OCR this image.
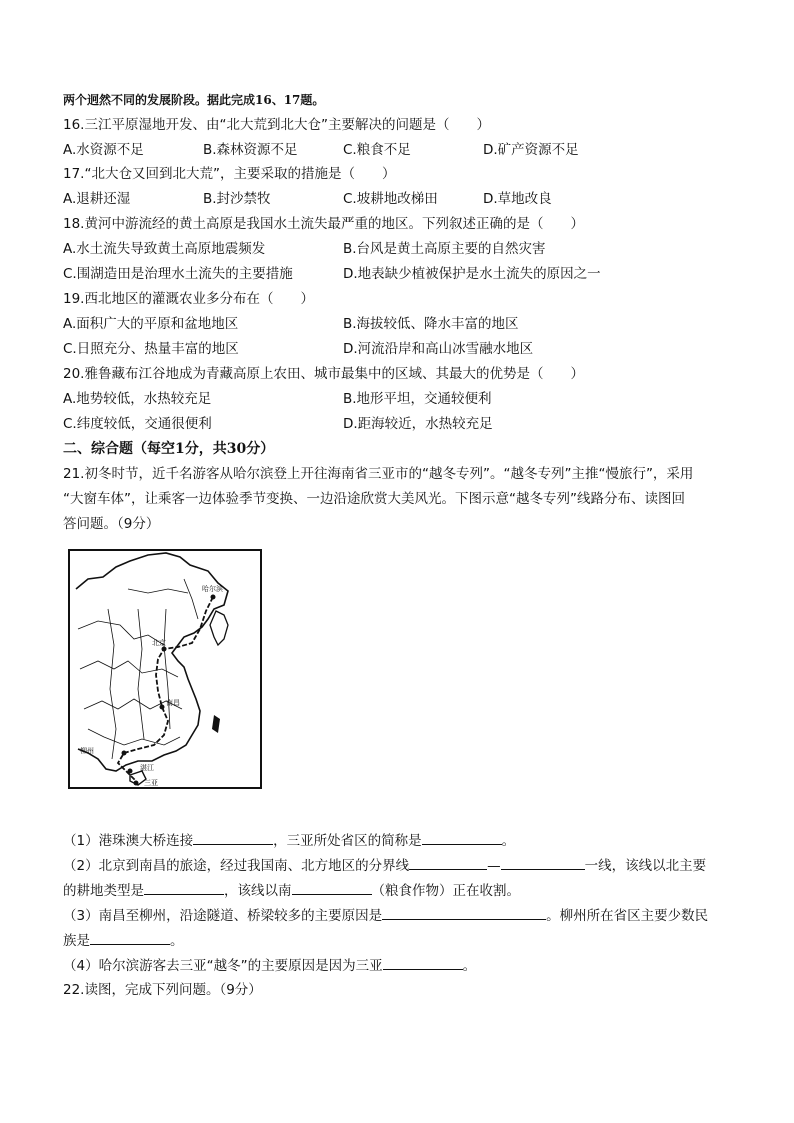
两个迥然不同的发展阶段。据此完成16、17题。
16.三江平原湿地开发、由“北大荒到北大仓”主要解决的问题是（　　）
A.水资源不足	B.森林资源不足	C.粮食不足	D.矿产资源不足
17.“北大仓又回到北大荒”，主要采取的措施是（　　）
A.退耕还湿	B.封沙禁牧	C.坡耕地改梯田	D.草地改良
18.黄河中游流经的黄土高原是我国水土流失最严重的地区。下列叙述正确的是（　　）
A.水土流失导致黄土高原地震频发	B.台风是黄土高原主要的自然灾害
C.围湖造田是治理水土流失的主要措施	D.地表缺少植被保护是水土流失的原因之一
19.西北地区的灌溉农业多分布在（　　）
A.面积广大的平原和盆地地区	B.海拔较低、降水丰富的地区
C.日照充分、热量丰富的地区	D.河流沿岸和高山冰雪融水地区
20.雅鲁藏布江谷地成为青藏高原上农田、城市最集中的区域、其最大的优势是（　　）
A.地势较低，水热较充足	B.地形平坦，交通较便利
C.纬度较低，交通很便利	D.距海较近，水热较充足
二、综合题（每空1分，共30分）
21.初冬时节，近千名游客从哈尔滨登上开往海南省三亚市的“越冬专列”。“越冬专列”主推“慢旅行”，采用
“大窗车体”，让乘客一边体验季节变换、一边沿途欣赏大美风光。下图示意“越冬专列”线路分布、读图回
答问题。（9分）
哈尔滨
北京
南昌
柳州
湛江
三亚
（1）港珠澳大桥连接	，三亚所处省区的简称是	。
（2）北京到南昌的旅途，经过我国南、北方地区的分界线	—	一线，该线以北主要
的耕地类型是	，该线以南	（粮食作物）正在收割。
（3）南昌至柳州，沿途隧道、桥梁较多的主要原因是	。柳州所在省区主要少数民
族是	。
（4）哈尔滨游客去三亚“越冬”的主要原因是因为三亚	。
22.读图，完成下列问题。（9分）
